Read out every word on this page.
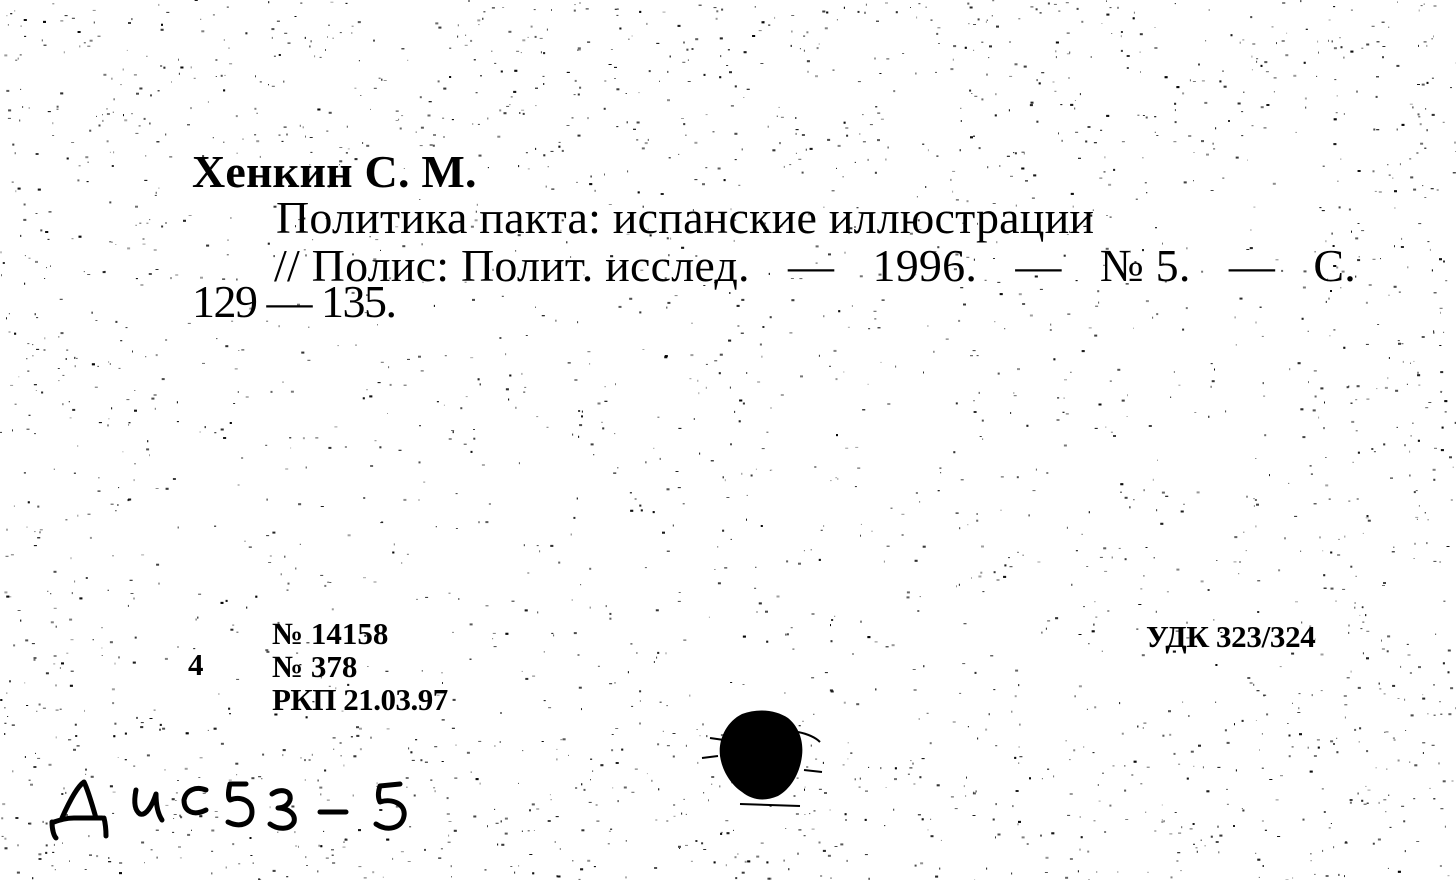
Хенкин С. М.
Политика пакта: испанские иллюстрации
// Полис: Полит. исслед. — 1996. — № 5. — С.
129 — 135.
4
№ 14158
№ 378
РКП 21.03.97
УДК 323/324
